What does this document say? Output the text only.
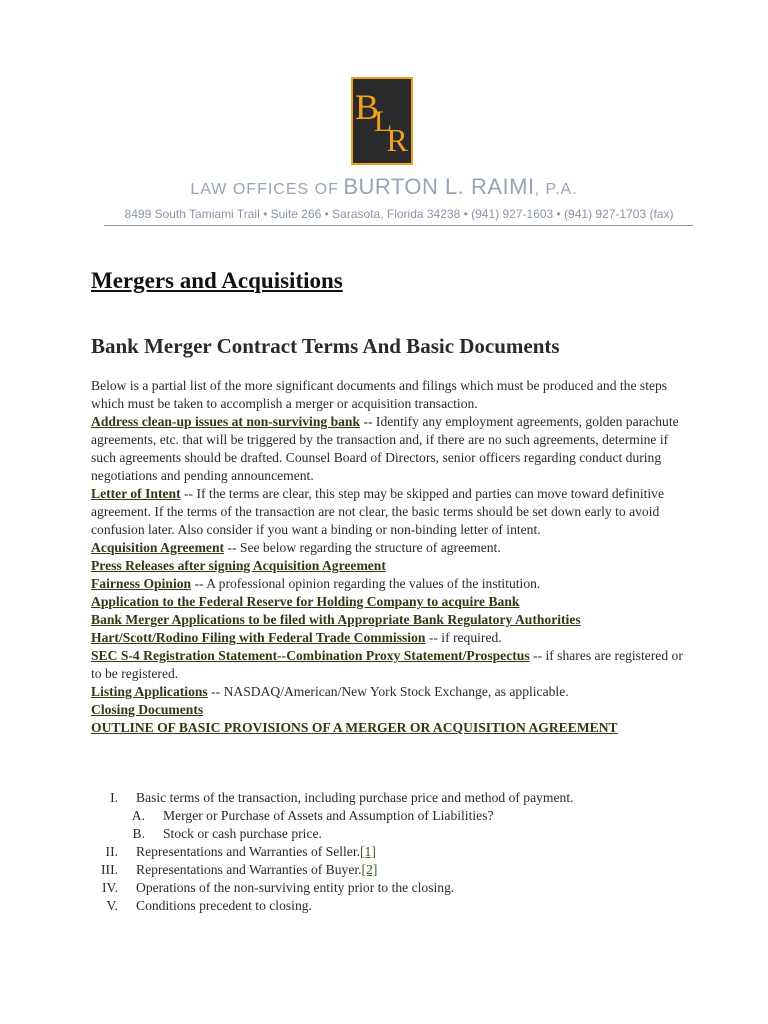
B
L
R
LAW OFFICES OF BURTON L. RAIMI, P.A.
8499 South Tamiami Trail • Suite 266 • Sarasota, Florida 34238 • (941) 927-1603 • (941) 927-1703 (fax)
Mergers and Acquisitions
Bank Merger Contract Terms And Basic Documents

Below is a partial list of the more significant documents and filings which must be produced and the steps which must be taken to accomplish a merger or acquisition transaction.

Address clean-up issues at non-surviving bank -- Identify any employment agreements, golden parachute agreements, etc. that will be triggered by the transaction and, if there are no such agreements, determine if such agreements should be drafted. Counsel Board of Directors, senior officers regarding conduct during negotiations and pending announcement.

Letter of Intent -- If the terms are clear, this step may be skipped and parties can move toward definitive agreement. If the terms of the transaction are not clear, the basic terms should be set down early to avoid confusion later. Also consider if you want a binding or non-binding letter of intent.

Acquisition Agreement -- See below regarding the structure of agreement.

Press Releases after signing Acquisition Agreement

Fairness Opinion -- A professional opinion regarding the values of the institution.

Application to the Federal Reserve for Holding Company to acquire Bank

Bank Merger Applications to be filed with Appropriate Bank Regulatory Authorities

Hart/Scott/Rodino Filing with Federal Trade Commission -- if required.

SEC S-4 Registration Statement--Combination Proxy Statement/Prospectus -- if shares are registered or to be registered.

Listing Applications -- NASDAQ/American/New York Stock Exchange, as applicable.

Closing Documents

OUTLINE OF BASIC PROVISIONS OF A MERGER OR ACQUISITION AGREEMENT

I.	Basic terms of the transaction, including purchase price and method of payment.
A.	Merger or Purchase of Assets and Assumption of Liabilities?
B.	Stock or cash purchase price.
II.	Representations and Warranties of Seller. [1]
III.	Representations and Warranties of Buyer. [2]
IV.	Operations of the non-surviving entity prior to the closing.
V.	Conditions precedent to closing.
